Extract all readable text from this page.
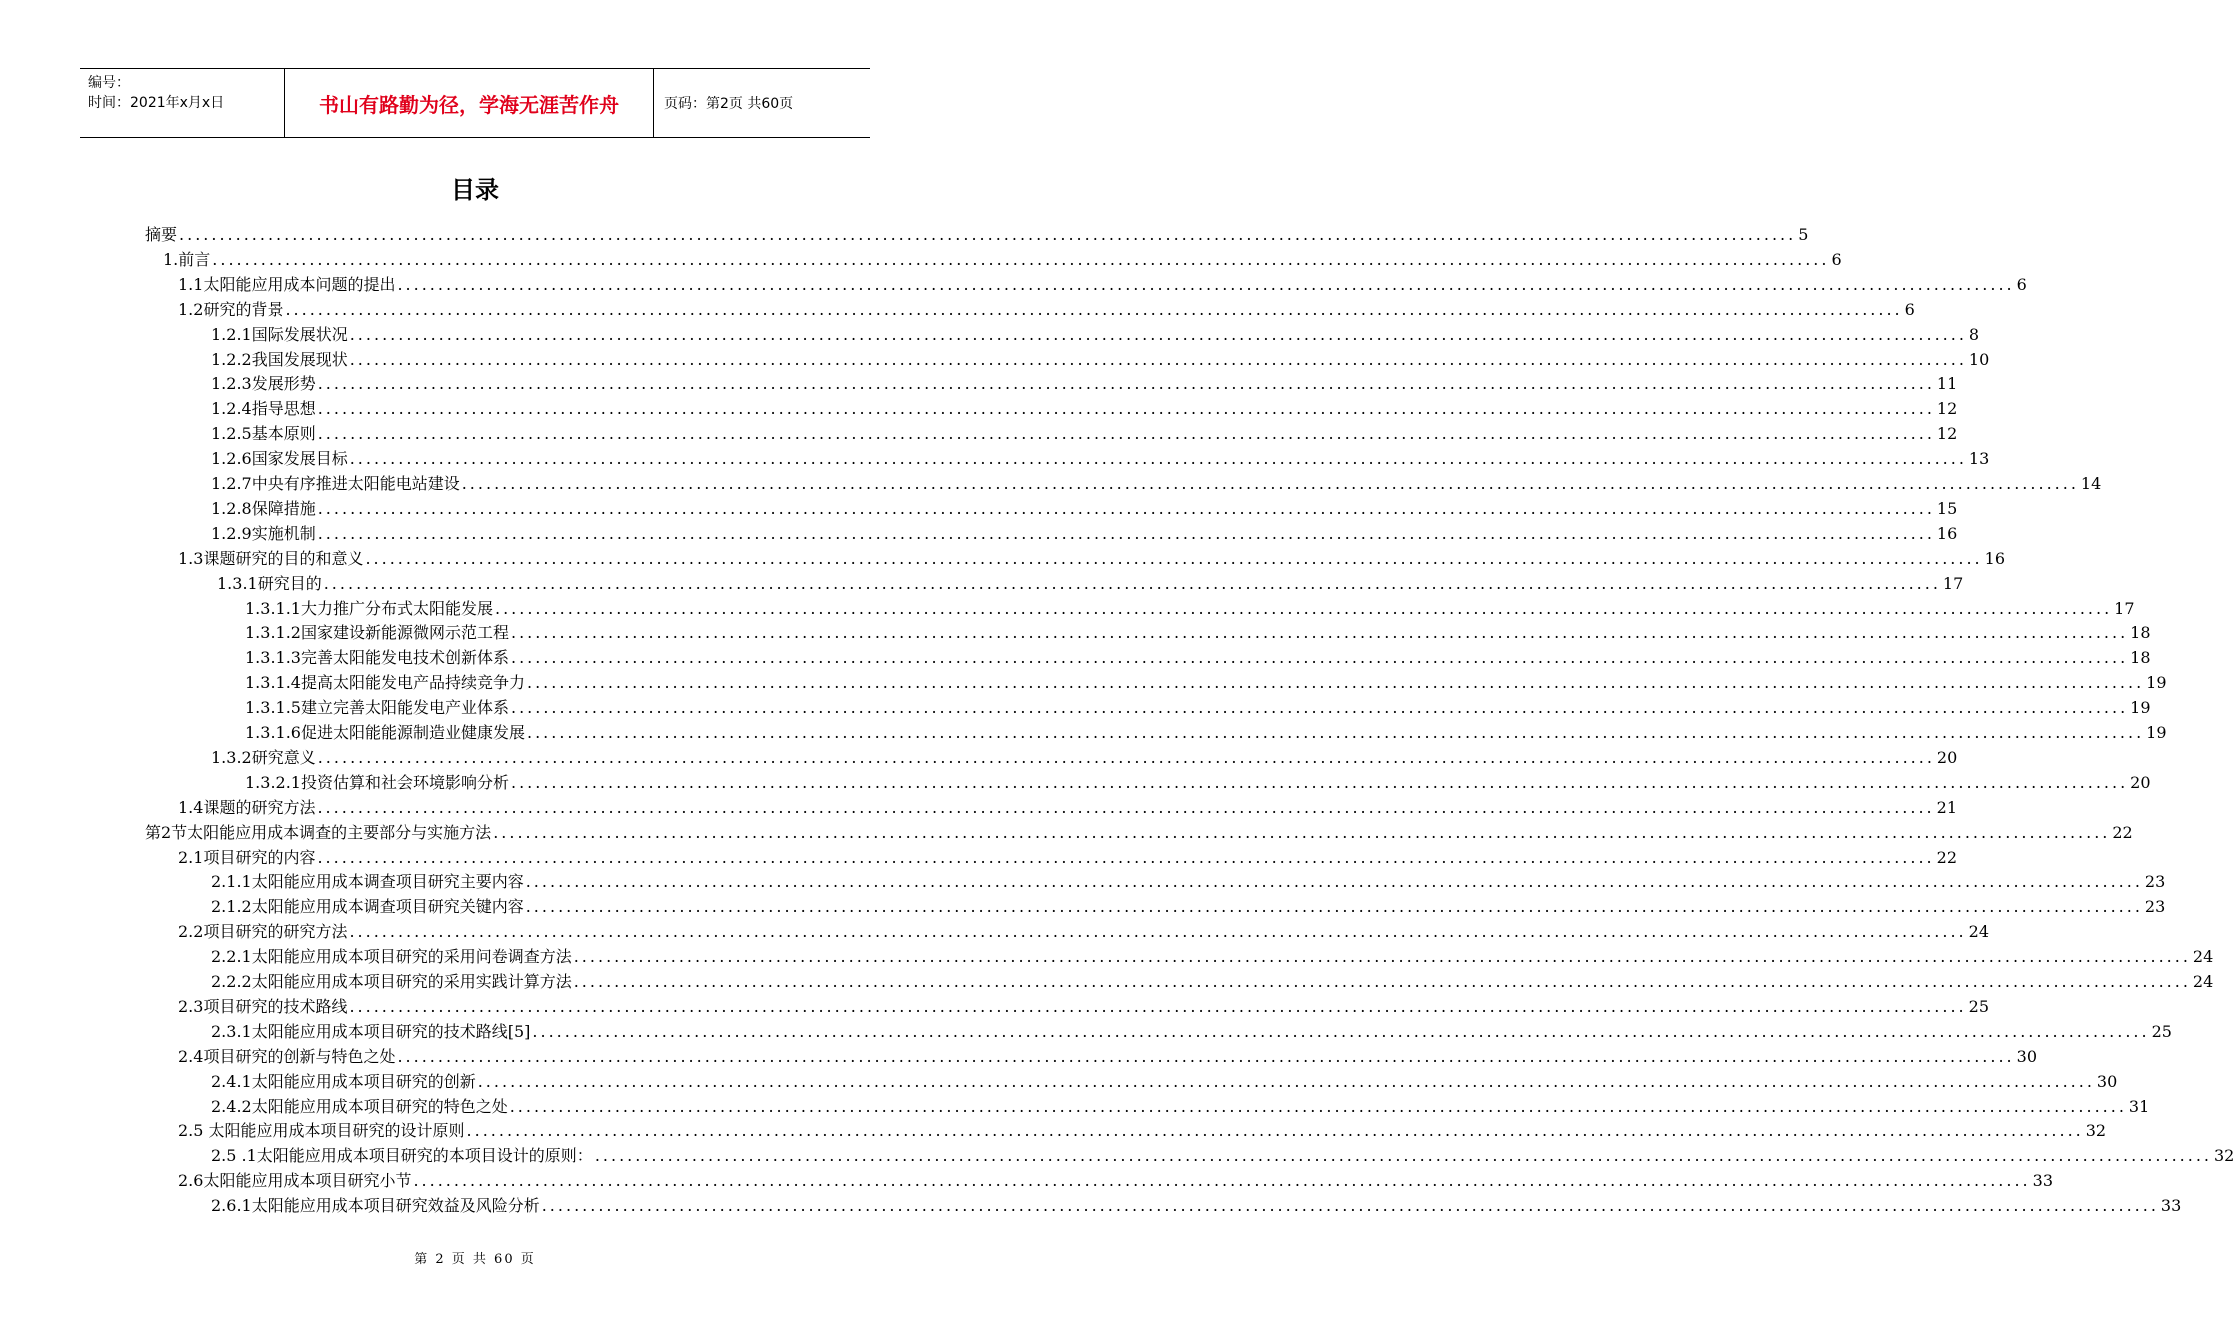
编号：
时间：2021年x月x日	书山有路勤为径，学海无涯苦作舟	页码：第2页 共60页
目录
摘要 ........................................................................................................................................................................................................ 5
1.前言 ........................................................................................................................................................................................................ 6
1.1太阳能应用成本问题的提出 ........................................................................................................................................................................................................ 6
1.2研究的背景 ........................................................................................................................................................................................................ 6
1.2.1国际发展状况 ........................................................................................................................................................................................................ 8
1.2.2我国发展现状 ........................................................................................................................................................................................................ 10
1.2.3发展形势 ........................................................................................................................................................................................................ 11
1.2.4指导思想 ........................................................................................................................................................................................................ 12
1.2.5基本原则 ........................................................................................................................................................................................................ 12
1.2.6国家发展目标 ........................................................................................................................................................................................................ 13
1.2.7中央有序推进太阳能电站建设 ........................................................................................................................................................................................................ 14
1.2.8保障措施 ........................................................................................................................................................................................................ 15
1.2.9实施机制 ........................................................................................................................................................................................................ 16
1.3课题研究的目的和意义 ........................................................................................................................................................................................................ 16
1.3.1研究目的 ........................................................................................................................................................................................................ 17
1.3.1.1大力推广分布式太阳能发展 ........................................................................................................................................................................................................ 17
1.3.1.2国家建设新能源微网示范工程 ........................................................................................................................................................................................................ 18
1.3.1.3完善太阳能发电技术创新体系 ........................................................................................................................................................................................................ 18
1.3.1.4提高太阳能发电产品持续竞争力 ........................................................................................................................................................................................................ 19
1.3.1.5建立完善太阳能发电产业体系 ........................................................................................................................................................................................................ 19
1.3.1.6促进太阳能能源制造业健康发展 ........................................................................................................................................................................................................ 19
1.3.2研究意义 ........................................................................................................................................................................................................ 20
1.3.2.1投资估算和社会环境影响分析 ........................................................................................................................................................................................................ 20
1.4课题的研究方法 ........................................................................................................................................................................................................ 21
第2节太阳能应用成本调查的主要部分与实施方法 ........................................................................................................................................................................................................ 22
2.1项目研究的内容 ........................................................................................................................................................................................................ 22
2.1.1太阳能应用成本调查项目研究主要内容 ........................................................................................................................................................................................................ 23
2.1.2太阳能应用成本调查项目研究关键内容 ........................................................................................................................................................................................................ 23
2.2项目研究的研究方法 ........................................................................................................................................................................................................ 24
2.2.1太阳能应用成本项目研究的采用问卷调查方法 ........................................................................................................................................................................................................ 24
2.2.2太阳能应用成本项目研究的采用实践计算方法 ........................................................................................................................................................................................................ 24
2.3项目研究的技术路线 ........................................................................................................................................................................................................ 25
2.3.1太阳能应用成本项目研究的技术路线[5] ........................................................................................................................................................................................................ 25
2.4项目研究的创新与特色之处 ........................................................................................................................................................................................................ 30
2.4.1太阳能应用成本项目研究的创新 ........................................................................................................................................................................................................ 30
2.4.2太阳能应用成本项目研究的特色之处 ........................................................................................................................................................................................................ 31
2.5 太阳能应用成本项目研究的设计原则 ........................................................................................................................................................................................................ 32
2.5 .1太阳能应用成本项目研究的本项目设计的原则： ........................................................................................................................................................................................................ 32
2.6太阳能应用成本项目研究小节 ........................................................................................................................................................................................................ 33
2.6.1太阳能应用成本项目研究效益及风险分析 ........................................................................................................................................................................................................ 33
第 2 页 共 60 页
